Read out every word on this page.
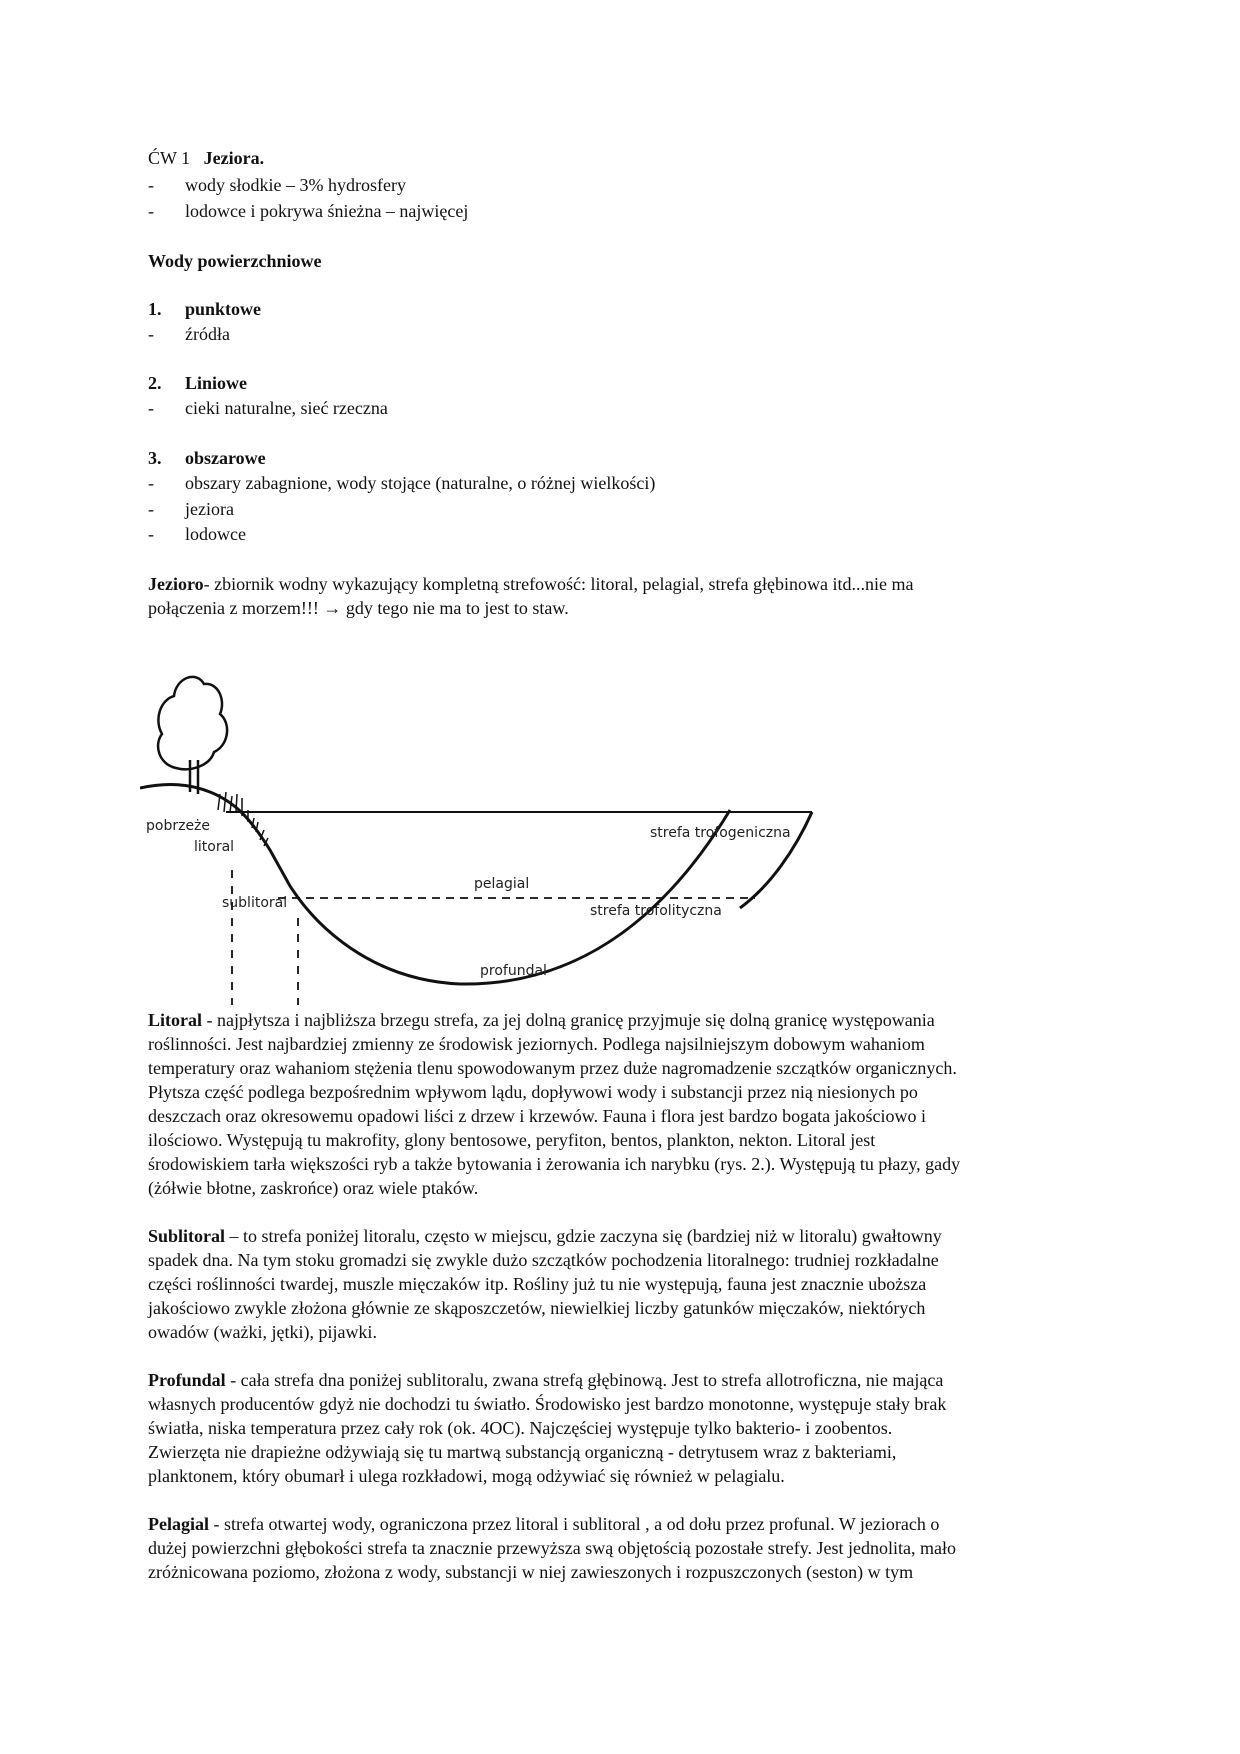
ĆW 1 Jeziora.
- wody słodkie – 3% hydrosfery
- lodowce i pokrywa śnieżna – najwięcej
Wody powierzchniowe
1. punktowe
- źródła
2. Liniowe
- cieki naturalne, sieć rzeczna
3. obszarowe
- obszary zabagnione, wody stojące (naturalne, o różnej wielkości)
- jeziora
- lodowce

Jezioro- zbiornik wodny wykazujący kompletną strefowość: litoral, pelagial, strefa głębinowa itd...nie ma

połączenia z morzem!!! → gdy tego nie ma to jest to staw.

pobrzeże
litoral
sublitoral
pelagial
strefa trofogeniczna
strefa trofolityczna
profundal

Litoral - najpłytsza i najbliższa brzegu strefa, za jej dolną granicę przyjmuje się dolną granicę występowania

roślinności. Jest najbardziej zmienny ze środowisk jeziornych. Podlega najsilniejszym dobowym wahaniom

temperatury oraz wahaniom stężenia tlenu spowodowanym przez duże nagromadzenie szczątków organicznych.

Płytsza część podlega bezpośrednim wpływom lądu, dopływowi wody i substancji przez nią niesionych po

deszczach oraz okresowemu opadowi liści z drzew i krzewów. Fauna i flora jest bardzo bogata jakościowo i

ilościowo. Występują tu makrofity, glony bentosowe, peryfiton, bentos, plankton, nekton. Litoral jest

środowiskiem tarła większości ryb a także bytowania i żerowania ich narybku (rys. 2.). Występują tu płazy, gady

(żółwie błotne, zaskrońce) oraz wiele ptaków.

Sublitoral – to strefa poniżej litoralu, często w miejscu, gdzie zaczyna się (bardziej niż w litoralu) gwałtowny

spadek dna. Na tym stoku gromadzi się zwykle dużo szczątków pochodzenia litoralnego: trudniej rozkładalne

części roślinności twardej, muszle mięczaków itp. Rośliny już tu nie występują, fauna jest znacznie uboższa

jakościowo zwykle złożona głównie ze skąposzczetów, niewielkiej liczby gatunków mięczaków, niektórych

owadów (ważki, jętki), pijawki.

Profundal - cała strefa dna poniżej sublitoralu, zwana strefą głębinową. Jest to strefa allotroficzna, nie mająca

własnych producentów gdyż nie dochodzi tu światło. Środowisko jest bardzo monotonne, występuje stały brak

światła, niska temperatura przez cały rok (ok. 4OC). Najczęściej występuje tylko bakterio- i zoobentos.

Zwierzęta nie drapieżne odżywiają się tu martwą substancją organiczną - detrytusem wraz z bakteriami,

planktonem, który obumarł i ulega rozkładowi, mogą odżywiać się również w pelagialu.

Pelagial - strefa otwartej wody, ograniczona przez litoral i sublitoral , a od dołu przez profunal. W jeziorach o

dużej powierzchni głębokości strefa ta znacznie przewyższa swą objętością pozostałe strefy. Jest jednolita, mało

zróżnicowana poziomo, złożona z wody, substancji w niej zawieszonych i rozpuszczonych (seston) w tym
